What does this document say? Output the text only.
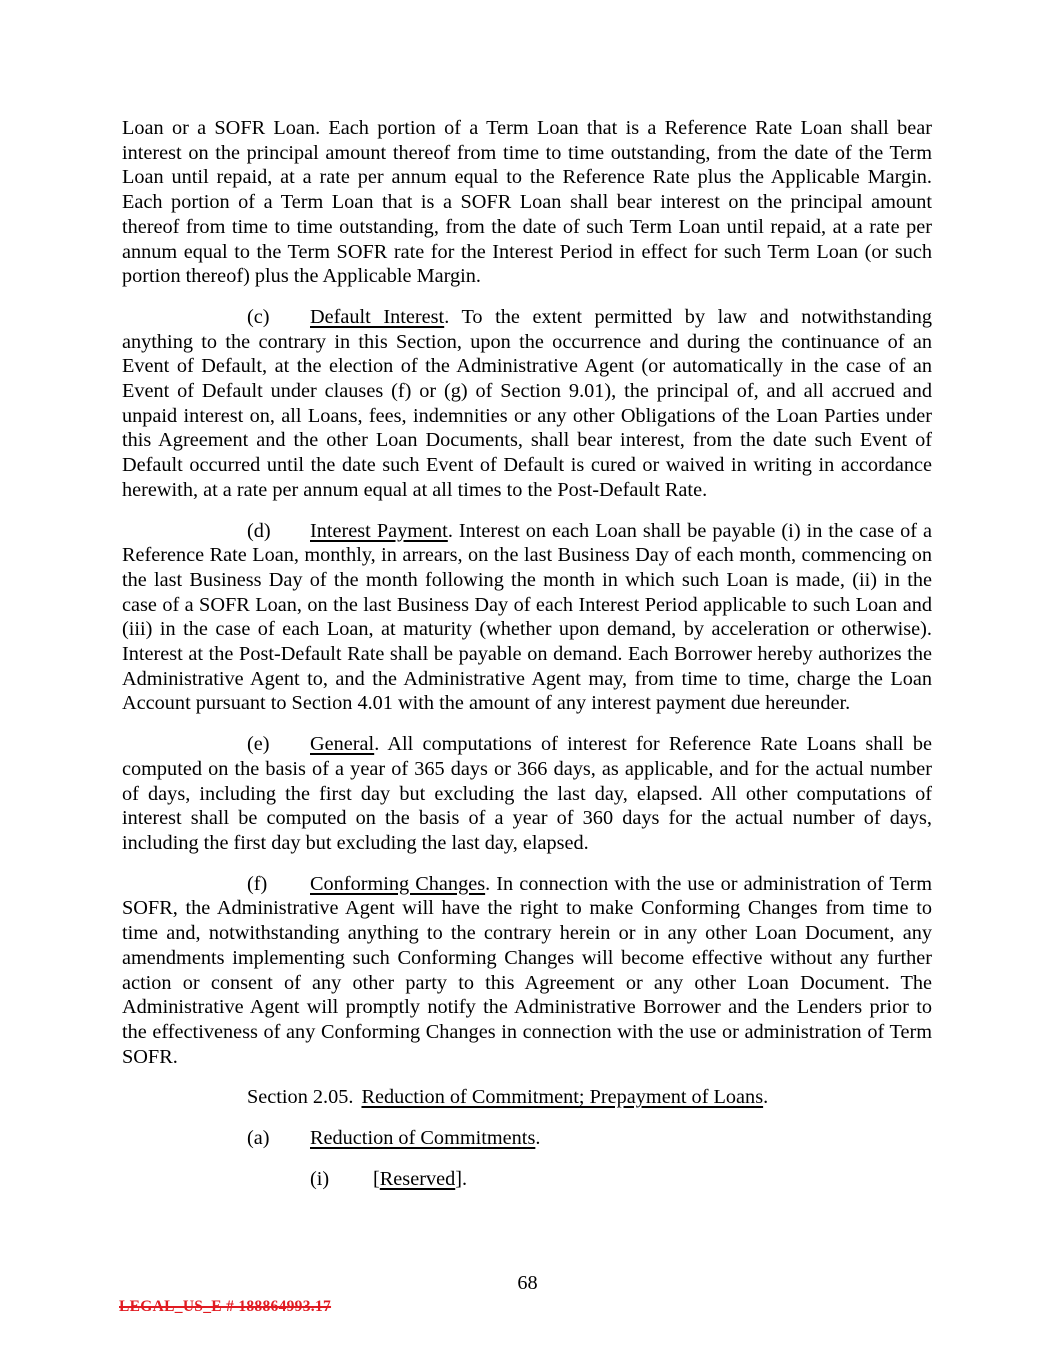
Loan or a SOFR Loan. Each portion of a Term Loan that is a Reference Rate Loan shall bear interest on the principal amount thereof from time to time outstanding, from the date of the Term Loan until repaid, at a rate per annum equal to the Reference Rate plus the Applicable Margin. Each portion of a Term Loan that is a SOFR Loan shall bear interest on the principal amount thereof from time to time outstanding, from the date of such Term Loan until repaid, at a rate per annum equal to the Term SOFR rate for the Interest Period in effect for such Term Loan (or such portion thereof) plus the Applicable Margin.

(c) Default Interest. To the extent permitted by law and notwithstanding anything to the contrary in this Section, upon the occurrence and during the continuance of an Event of Default, at the election of the Administrative Agent (or automatically in the case of an Event of Default under clauses (f) or (g) of Section 9.01), the principal of, and all accrued and unpaid interest on, all Loans, fees, indemnities or any other Obligations of the Loan Parties under this Agreement and the other Loan Documents, shall bear interest, from the date such Event of Default occurred until the date such Event of Default is cured or waived in writing in accordance herewith, at a rate per annum equal at all times to the Post-Default Rate.

(d) Interest Payment. Interest on each Loan shall be payable (i) in the case of a Reference Rate Loan, monthly, in arrears, on the last Business Day of each month, commencing on the last Business Day of the month following the month in which such Loan is made, (ii) in the case of a SOFR Loan, on the last Business Day of each Interest Period applicable to such Loan and (iii) in the case of each Loan, at maturity (whether upon demand, by acceleration or otherwise). Interest at the Post-Default Rate shall be payable on demand. Each Borrower hereby authorizes the Administrative Agent to, and the Administrative Agent may, from time to time, charge the Loan Account pursuant to Section 4.01 with the amount of any interest payment due hereunder.

(e) General. All computations of interest for Reference Rate Loans shall be computed on the basis of a year of 365 days or 366 days, as applicable, and for the actual number of days, including the first day but excluding the last day, elapsed. All other computations of interest shall be computed on the basis of a year of 360 days for the actual number of days, including the first day but excluding the last day, elapsed.

(f) Conforming Changes. In connection with the use or administration of Term SOFR, the Administrative Agent will have the right to make Conforming Changes from time to time and, notwithstanding anything to the contrary herein or in any other Loan Document, any amendments implementing such Conforming Changes will become effective without any further action or consent of any other party to this Agreement or any other Loan Document. The Administrative Agent will promptly notify the Administrative Borrower and the Lenders prior to the effectiveness of any Conforming Changes in connection with the use or administration of Term SOFR.

Section 2.05. Reduction of Commitment; Prepayment of Loans.

(a) Reduction of Commitments.

(i) [Reserved].

68
LEGAL_US_E # 188864993.17
